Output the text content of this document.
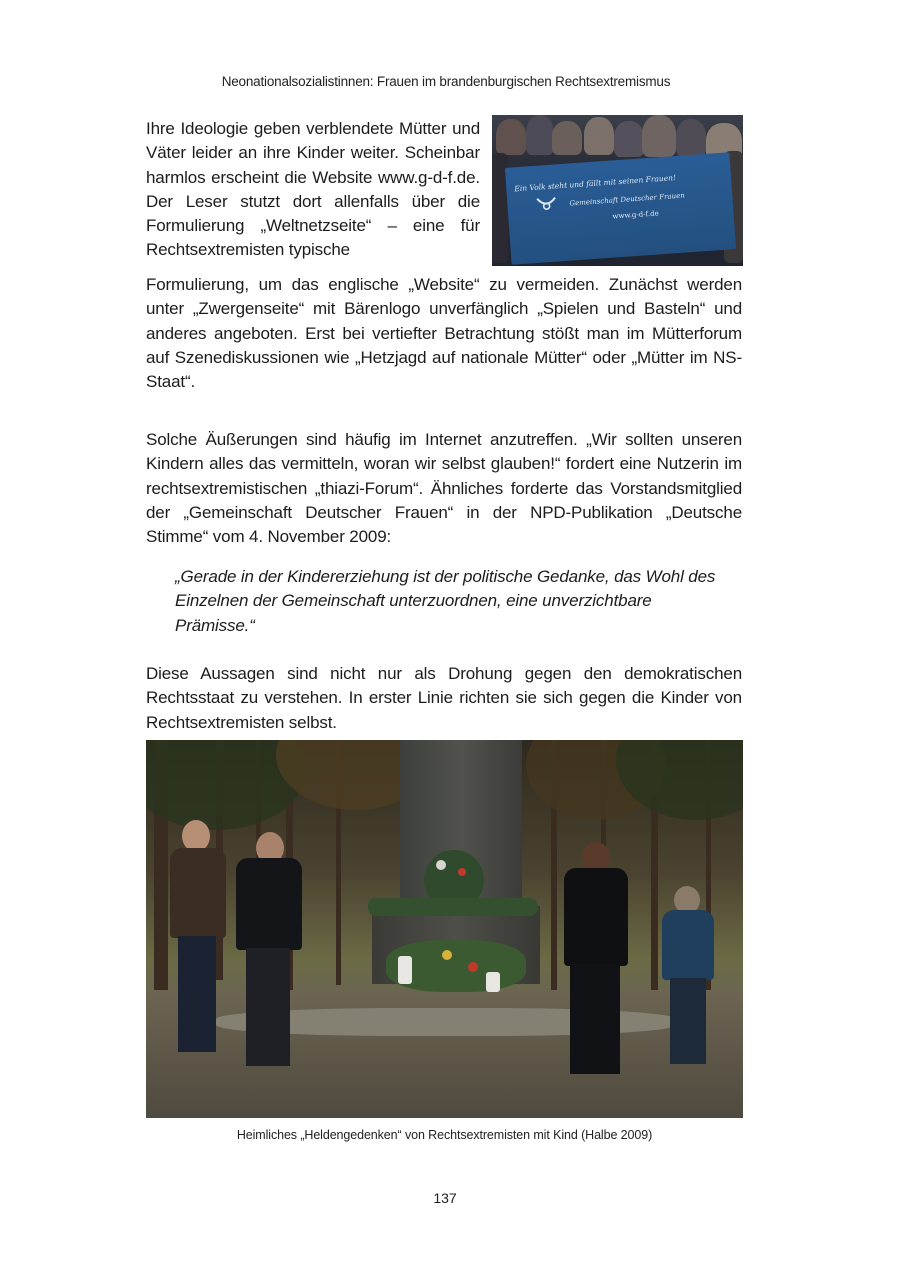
Neonationalsozialistinnen: Frauen im brandenburgischen Rechtsextremismus

Ihre Ideologie geben verblendete Mütter und Väter leider an ihre Kinder weiter. Scheinbar harmlos erscheint die Website www.g-d-f.de. Der Leser stutzt dort allenfalls über die Formulierung „Weltnetzseite“ – eine für Rechtsextremisten typische

Ein Volk steht und fällt mit seinen Frauen!
Gemeinschaft Deutscher Frauen
www.g-d-f.de

Formulierung, um das englische „Website“ zu vermeiden. Zunächst werden unter „Zwergenseite“ mit Bärenlogo unverfänglich „Spielen und Basteln“ und anderes angeboten. Erst bei vertiefter Betrachtung stößt man im Mütterforum auf Szenediskussionen wie „Hetzjagd auf nationale Mütter“ oder „Mütter im NS-Staat“.

Solche Äußerungen sind häufig im Internet anzutreffen. „Wir sollten unseren Kindern alles das vermitteln, woran wir selbst glauben!“ fordert eine Nutzerin im rechtsextremistischen „thiazi-Forum“. Ähnliches forderte das Vorstandsmitglied der „Gemeinschaft Deutscher Frauen“ in der NPD-Publikation „Deutsche Stimme“ vom 4. November 2009:

„Gerade in der Kindererziehung ist der politische Gedanke, das Wohl des Einzelnen der Gemeinschaft unterzuordnen, eine unverzichtbare Prämisse.“

Diese Aussagen sind nicht nur als Drohung gegen den demokratischen Rechtsstaat zu verstehen. In erster Linie richten sie sich gegen die Kinder von Rechtsextremisten selbst.

Heimliches „Heldengedenken“ von Rechtsextremisten mit Kind (Halbe 2009)
137
